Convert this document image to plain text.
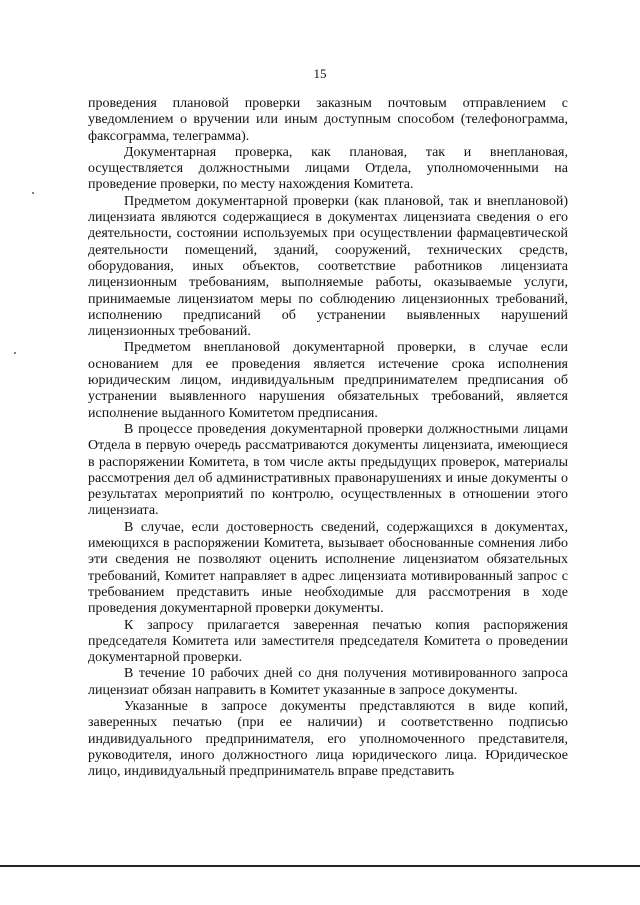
15

проведения плановой проверки заказным почтовым отправлением с уведомлением о вручении или иным доступным способом (телефонограмма, факсограмма, телеграмма).

Документарная проверка, как плановая, так и внеплановая, осуществляется должностными лицами Отдела, уполномоченными на проведение проверки, по месту нахождения Комитета.

Предметом документарной проверки (как плановой, так и внеплановой) лицензиата являются содержащиеся в документах лицензиата сведения о его деятельности, состоянии используемых при осуществлении фармацевтической деятельности помещений, зданий, сооружений, технических средств, оборудования, иных объектов, соответствие работников лицензиата лицензионным требованиям, выполняемые работы, оказываемые услуги, принимаемые лицензиатом меры по соблюдению лицензионных требований, исполнению предписаний об устранении выявленных нарушений лицензионных требований.

Предметом внеплановой документарной проверки, в случае если основанием для ее проведения является истечение срока исполнения юридическим лицом, индивидуальным предпринимателем предписания об устранении выявленного нарушения обязательных требований, является исполнение выданного Комитетом предписания.

В процессе проведения документарной проверки должностными лицами Отдела в первую очередь рассматриваются документы лицензиата, имеющиеся в распоряжении Комитета, в том числе акты предыдущих проверок, материалы рассмотрения дел об административных правонарушениях и иные документы о результатах мероприятий по контролю, осуществленных в отношении этого лицензиата.

В случае, если достоверность сведений, содержащихся в документах, имеющихся в распоряжении Комитета, вызывает обоснованные сомнения либо эти сведения не позволяют оценить исполнение лицензиатом обязательных требований, Комитет направляет в адрес лицензиата мотивированный запрос с требованием представить иные необходимые для рассмотрения в ходе проведения документарной проверки документы.

К запросу прилагается заверенная печатью копия распоряжения председателя Комитета или заместителя председателя Комитета о проведении документарной проверки.

В течение 10 рабочих дней со дня получения мотивированного запроса лицензиат обязан направить в Комитет указанные в запросе документы.

Указанные в запросе документы представляются в виде копий, заверенных печатью (при ее наличии) и соответственно подписью индивидуального предпринимателя, его уполномоченного представителя, руководителя, иного должностного лица юридического лица. Юридическое лицо, индивидуальный предприниматель вправе представить
